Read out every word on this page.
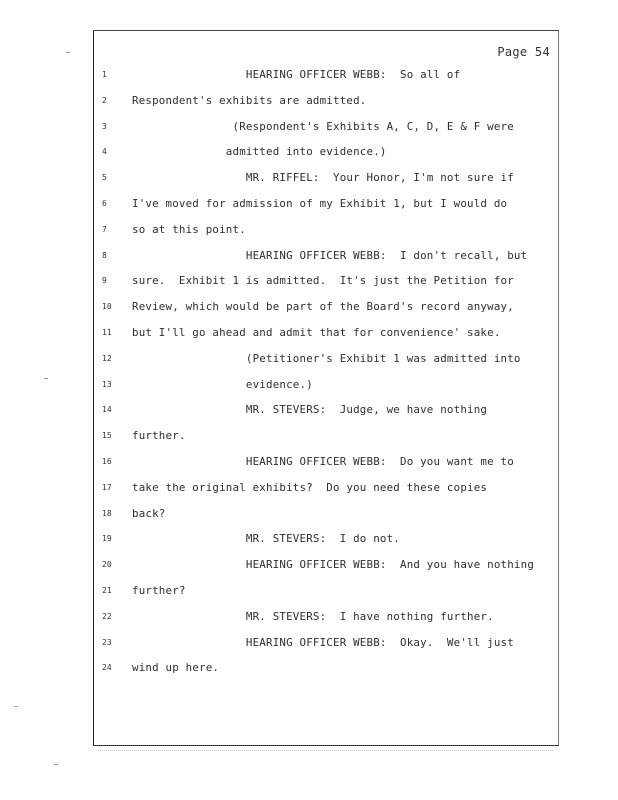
Page 54
1	HEARING OFFICER WEBB:  So all of
2	Respondent's exhibits are admitted.
3	(Respondent's Exhibits A, C, D, E & F were
4	admitted into evidence.)
5	MR. RIFFEL:  Your Honor, I'm not sure if
6	I've moved for admission of my Exhibit 1, but I would do
7	so at this point.
8	HEARING OFFICER WEBB:  I don't recall, but
9	sure.  Exhibit 1 is admitted.  It's just the Petition for
10	Review, which would be part of the Board's record anyway,
11	but I'll go ahead and admit that for convenience' sake.
12	(Petitioner's Exhibit 1 was admitted into
13	evidence.)
14	MR. STEVERS:  Judge, we have nothing
15	further.
16	HEARING OFFICER WEBB:  Do you want me to
17	take the original exhibits?  Do you need these copies
18	back?
19	MR. STEVERS:  I do not.
20	HEARING OFFICER WEBB:  And you have nothing
21	further?
22	MR. STEVERS:  I have nothing further.
23	HEARING OFFICER WEBB:  Okay.  We'll just
24	wind up here.
